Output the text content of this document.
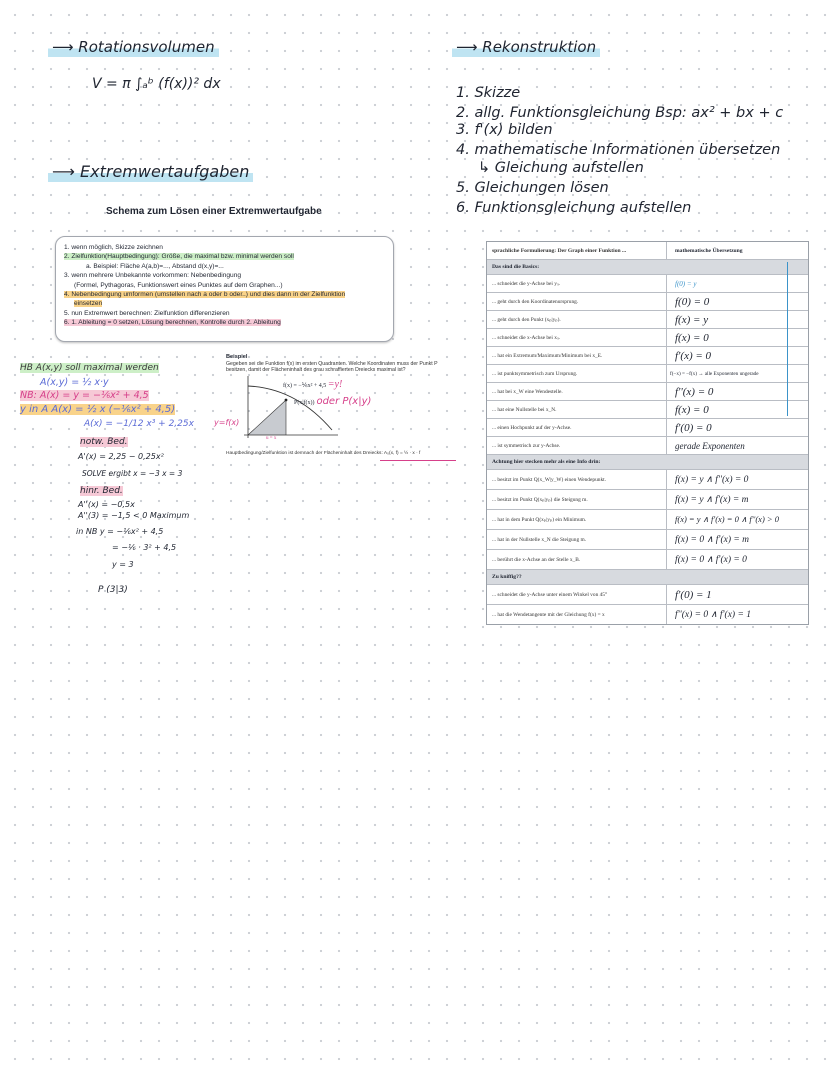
⟶ Rotationsvolumen
V = π ∫ₐᵇ (f(x))² dx
⟶ Extremwertaufgaben
Schema zum Lösen einer Extremwertaufgabe
1. wenn möglich, Skizze zeichnen
2. Zielfunktion(Hauptbedingung): Größe, die maximal bzw. minimal werden soll
a. Beispiel: Fläche A(a,b)=..., Abstand d(x,y)=...
3. wenn mehrere Unbekannte vorkommen: Nebenbedingung
(Formel, Pythagoras, Funktionswert eines Punktes auf dem Graphen...)
4. Nebenbedingung umformen (umstellen nach a oder b oder..) und dies dann in der Zielfunktion
einsetzen
5. nun Extremwert berechnen: Zielfunktion differenzieren
6. 1. Ableitung = 0 setzen, Lösung berechnen, Kontrolle durch 2. Ableitung
Beispiel
Gegeben sei die Funktion f(x) im ersten Quadranten. Welche Koordinaten muss der Punkt P besitzen, damit der Flächeninhalt des grau schraffierten Dreiecks maximal ist?
f(x) = −⅙x² + 4,5 =y!
P(x|f(x)) oder P(x|y)
y=f(x)
u = x
Hauptbedingung/Zielfunktion ist demnach der Flächeninhalt des Dreiecks: A₀(x, f) = ½ · x · f
HB A(x,y) soll maximal werden
A(x,y) = ½ x·y
NB: A(x) = y = −⅙x² + 4,5
y in A A(x) = ½ x (−⅙x² + 4,5)
A(x) = −1/12 x³ + 2,25x
notw. Bed.
A'(x) = 2,25 − 0,25x²
SOLVE ergibt x = −3 x = 3
hinr. Bed.
A''(x) = −0,5x
A''(3) = −1,5 < 0 Maximum
in NB y = −⅙x² + 4,5
= −⅙ · 3² + 4,5
y = 3
P (3|3)
⟶ Rekonstruktion
1. Skizze
2. allg. Funktionsgleichung Bsp: ax² + bx + c
3. f'(x) bilden
4. mathematische Informationen übersetzen
↳ Gleichung aufstellen
5. Gleichungen lösen
6. Funktionsgleichung aufstellen
sprachliche Formulierung: Der Graph einer Funktion ...	mathematische Übersetzung
Das sind die Basics:
... schneidet die y-Achse bei yₛ.	f(0) = y
... geht durch den Koordinatenursprung.	f(0) = 0
... geht durch den Punkt (xₚ|yₚ).	f(x) = y
... schneidet die x-Achse bei xₛ.	f(x) = 0
... hat ein Extremum/Maximum/Minimum bei x_E.	f'(x) = 0
... ist punktsymmetrisch zum Ursprung.	f(−x) = −f(x) → alle Exponenten ungerade
... hat bei x_W eine Wendestelle.	f''(x) = 0
... hat eine Nullstelle bei x_N.	f(x) = 0
... einen Hochpunkt auf der y-Achse.	f'(0) = 0
... ist symmetrisch zur y-Achse.	gerade Exponenten
Achtung hier stecken mehr als eine Info drin:
... besitzt im Punkt Q(x_W|y_W) einen Wendepunkt.	f(x) = y ∧ f''(x) = 0
... besitzt im Punkt Q(xₚ|yₚ) die Steigung m.	f(x) = y ∧ f'(x) = m
... hat in dem Punkt Q(xₚ|yₚ) ein Minimum.	f(x) = y ∧ f'(x) = 0 ∧ f''(x) > 0
... hat in der Nullstelle x_N die Steigung m.	f(x) = 0 ∧ f'(x) = m
... berührt die x-Achse an der Stelle x_B.	f(x) = 0 ∧ f'(x) = 0
Zu kniffig??
... schneidet die y-Achse unter einem Winkel von 45°	f'(0) = 1
... hat die Wendetangente mit der Gleichung f(x) = x	f''(x) = 0 ∧ f'(x) = 1
